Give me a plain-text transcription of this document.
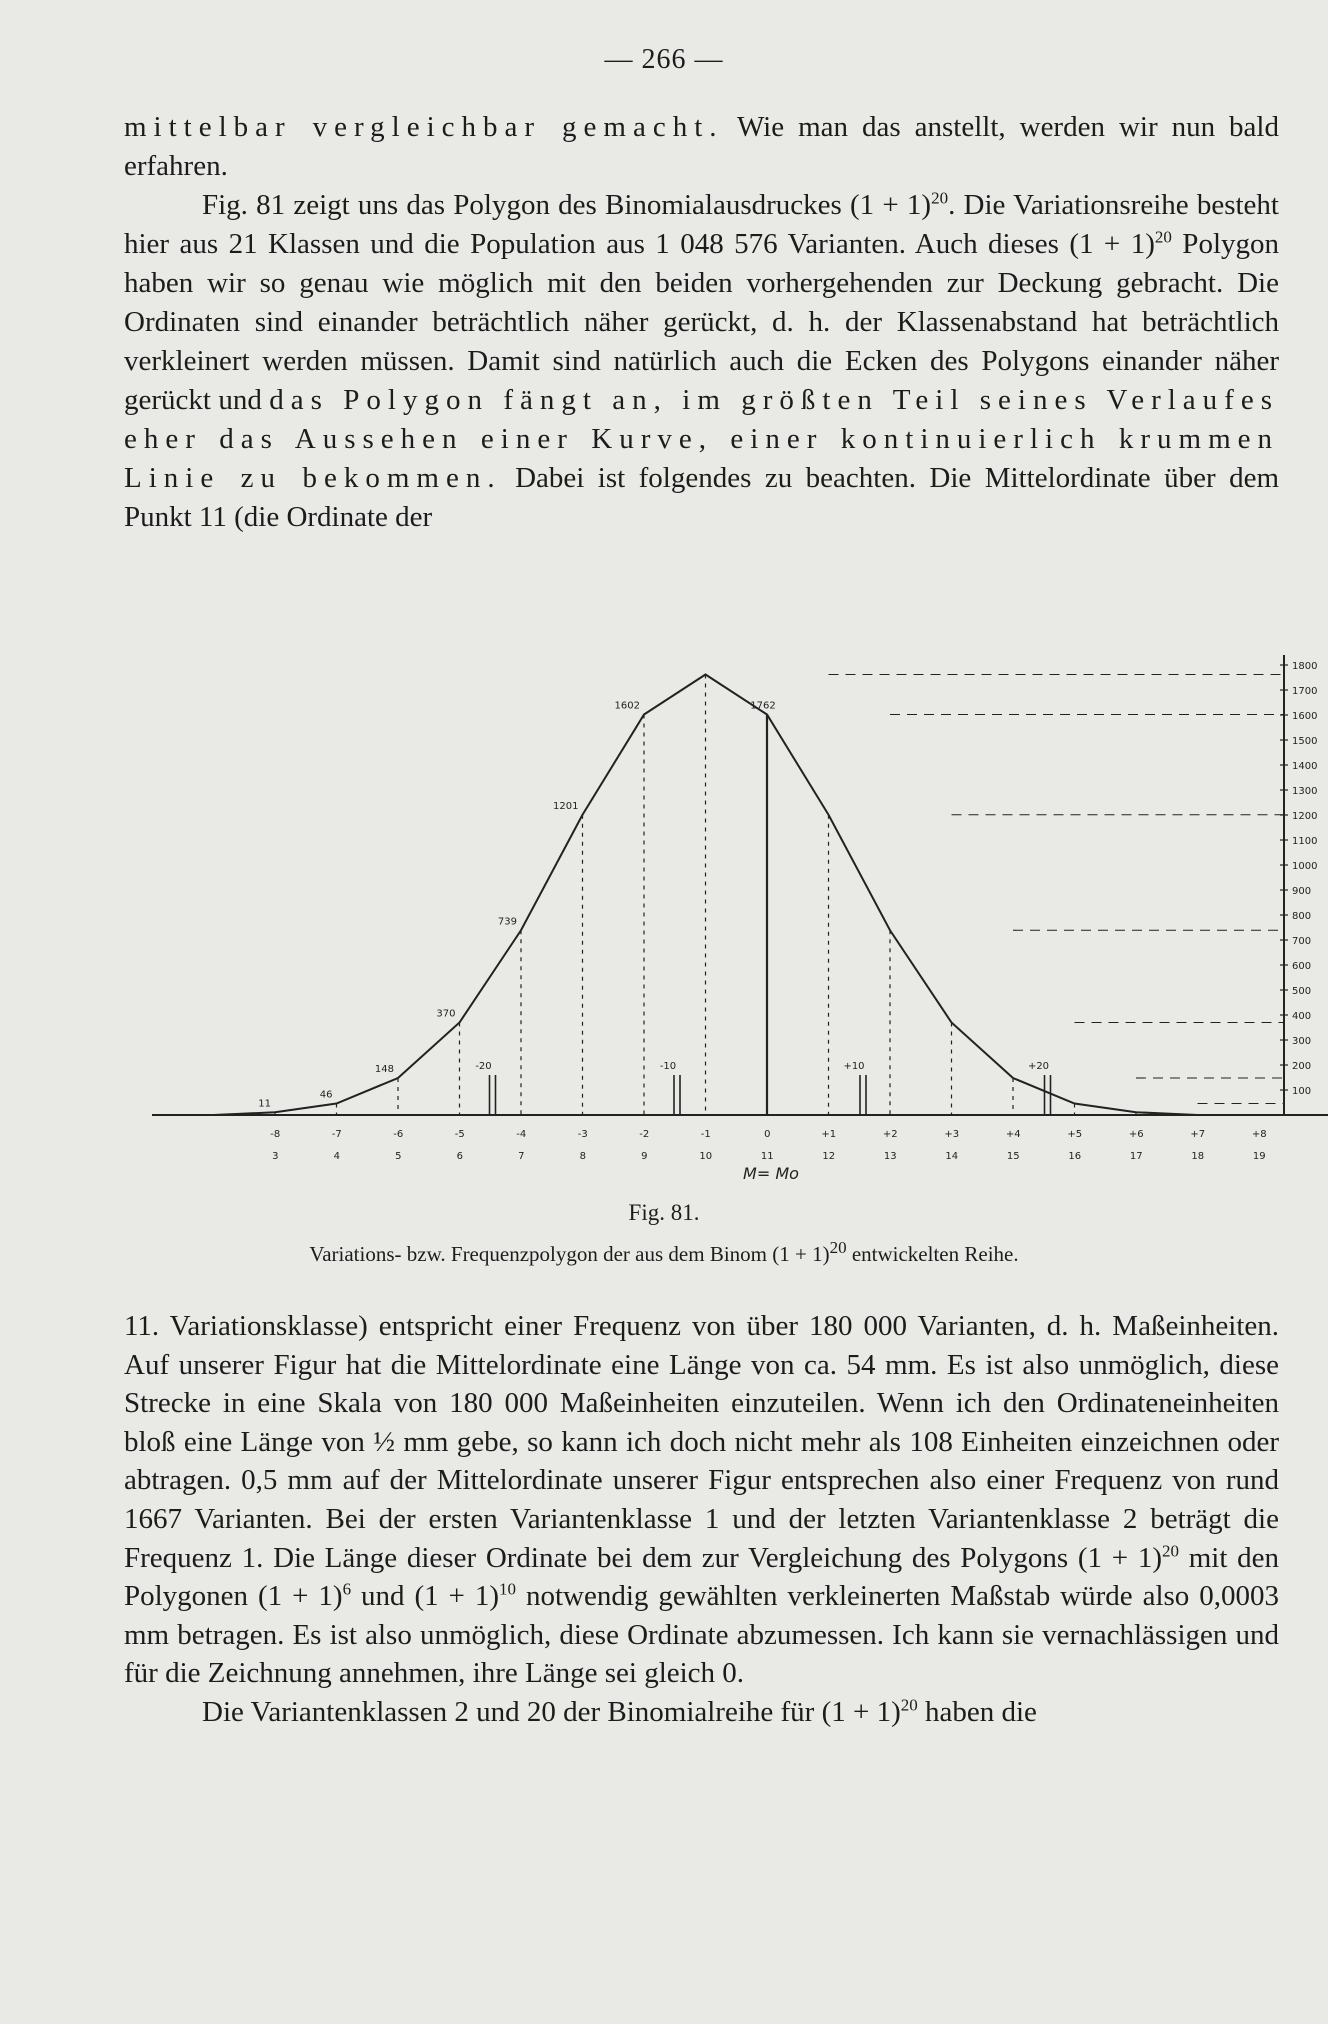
— 266 —

mittelbar vergleichbar gemacht. Wie man das anstellt, werden wir nun bald erfahren.

Fig. 81 zeigt uns das Polygon des Binomialausdruckes $(1 + 1)^{20}$. Die Variationsreihe besteht hier aus 21 Klassen und die Population aus 1 048 576 Varianten. Auch dieses $(1 + 1)^{20}$ Polygon haben wir so genau wie möglich mit den beiden vorhergehenden zur Deckung gebracht. Die Ordinaten sind einander beträchtlich näher gerückt, d. h. der Klassenabstand hat beträchtlich verkleinert werden müssen. Damit sind natürlich auch die Ecken des Polygons einander näher gerückt und das Polygon fängt an, im größten Teil seines Verlaufes eher das Aussehen einer Kurve, einer kontinuierlich krummen Linie zu bekommen. Dabei ist folgendes zu beachten. Die Mittelordinate über dem Punkt 11 (die Ordinate der

11
46
148
370
739
1201
1602	1762
-20	-10	+10	+20
-8	-7	-6	-5	-4	-3	-2	-1	0	+1	+2	+3	+4	+5	+6	+7	+8
3	4	5	6	7	8	9	10	11	12	13	14	15	16	17	18	19
M= Mo
100
200
300
400
500
600
700
800
900
1000
1100
1200
1300
1400
1500
1600
1700
1800
Fig. 81.
Variations- bzw. Frequenzpolygon der aus dem Binom $(1 + 1)^{20}$ entwickelten Reihe.

11. Variationsklasse) entspricht einer Frequenz von über 180 000 Varianten, d. h. Maßeinheiten. Auf unserer Figur hat die Mittelordinate eine Länge von ca. 54 mm. Es ist also unmöglich, diese Strecke in eine Skala von 180 000 Maßeinheiten einzuteilen. Wenn ich den Ordinateneinheiten bloß eine Länge von ½ mm gebe, so kann ich doch nicht mehr als 108 Einheiten einzeichnen oder abtragen. 0,5 mm auf der Mittelordinate unserer Figur entsprechen also einer Frequenz von rund 1667 Varianten. Bei der ersten Variantenklasse 1 und der letzten Variantenklasse 2 beträgt die Frequenz 1. Die Länge dieser Ordinate bei dem zur Vergleichung des Polygons $(1 + 1)^{20}$ mit den Polygonen $(1 + 1)^6$ und $(1 + 1)^{10}$ notwendig gewählten verkleinerten Maßstab würde also 0,0003 mm betragen. Es ist also unmöglich, diese Ordinate abzumessen. Ich kann sie vernachlässigen und für die Zeichnung annehmen, ihre Länge sei gleich 0.

Die Variantenklassen 2 und 20 der Binomialreihe für $(1 + 1)^{20}$ haben die
